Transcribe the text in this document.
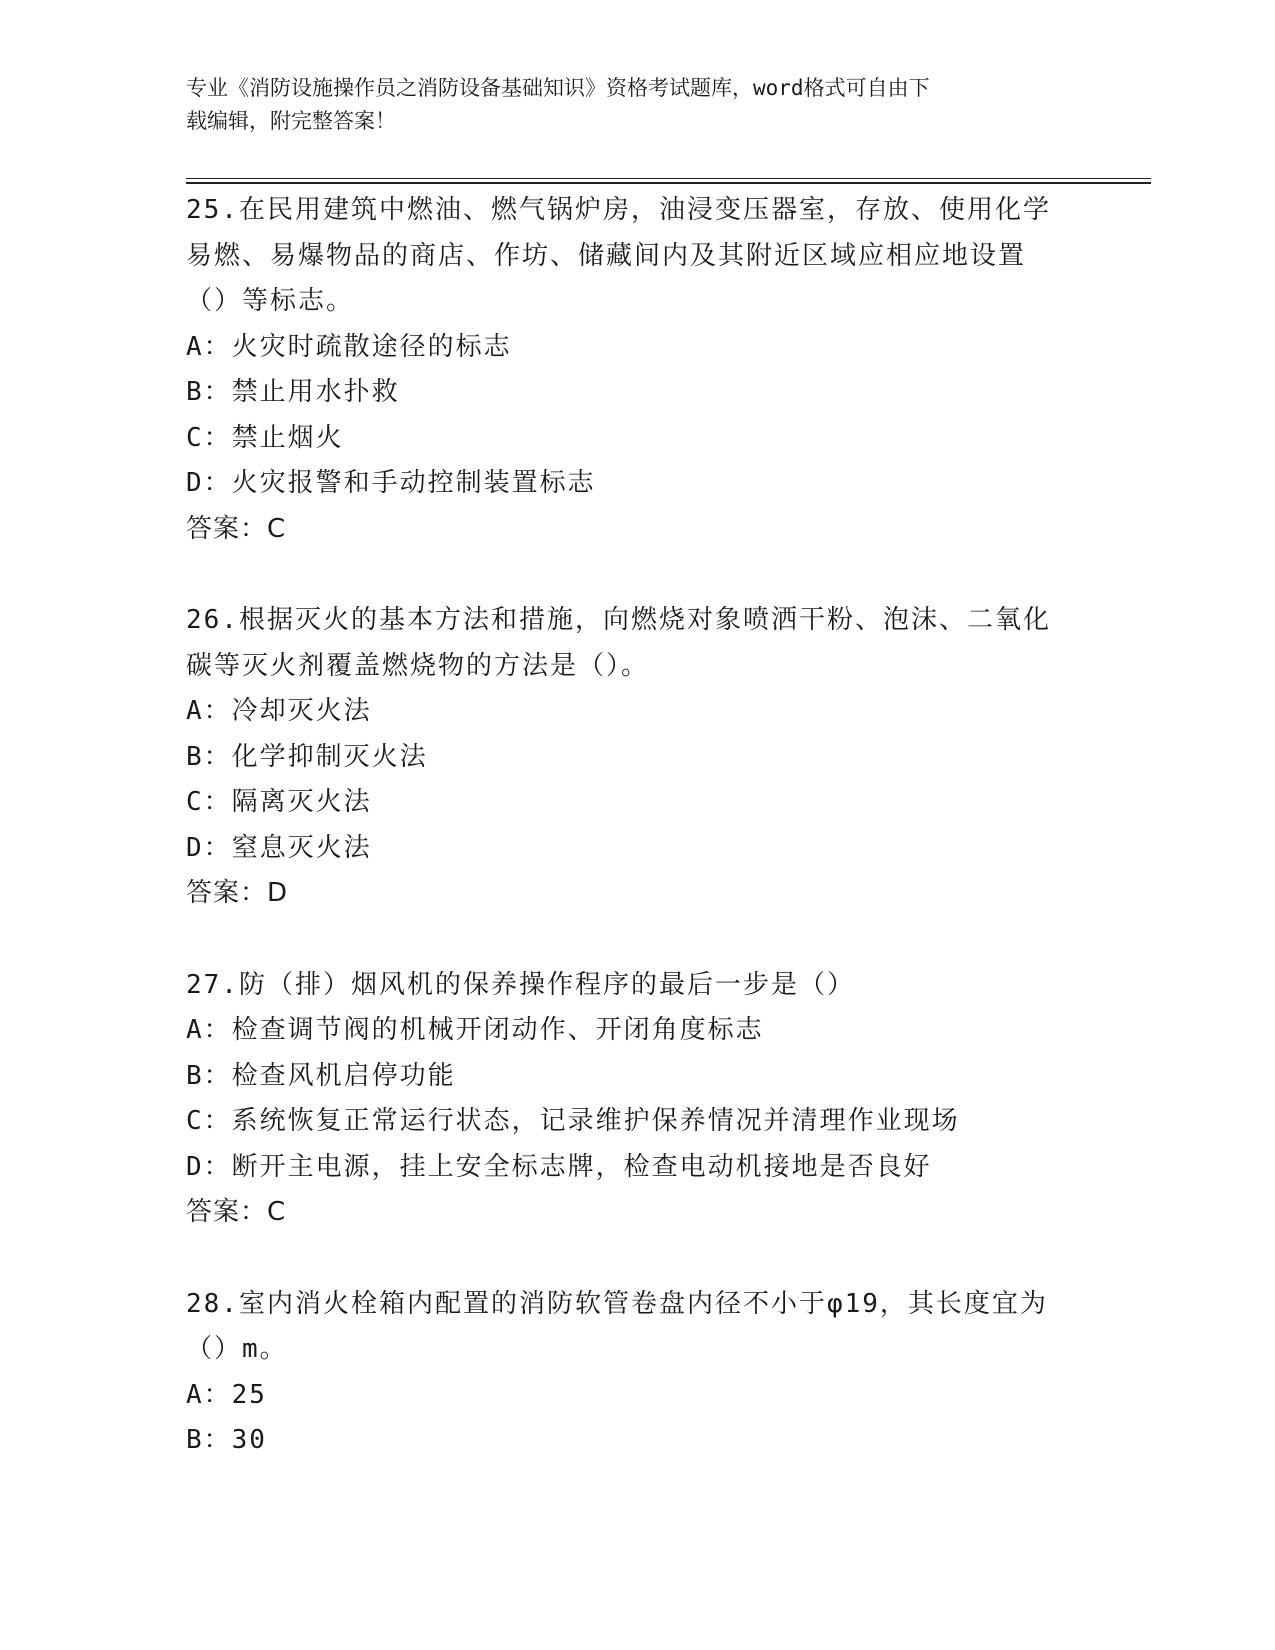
专业《消防设施操作员之消防设备基础知识》资格考试题库，word格式可自由下
载编辑，附完整答案！

25.在民用建筑中燃油、燃气锅炉房，油浸变压器室，存放、使用化学

易燃、易爆物品的商店、作坊、储藏间内及其附近区域应相应地设置

（）等标志。

A：火灾时疏散途径的标志

B：禁止用水扑救

C：禁止烟火

D：火灾报警和手动控制装置标志

答案：C

26.根据灭火的基本方法和措施，向燃烧对象喷洒干粉、泡沫、二氧化

碳等灭火剂覆盖燃烧物的方法是（）。

A：冷却灭火法

B：化学抑制灭火法

C：隔离灭火法

D：窒息灭火法

答案：D

27.防（排）烟风机的保养操作程序的最后一步是（）

A：检查调节阀的机械开闭动作、开闭角度标志

B：检查风机启停功能

C：系统恢复正常运行状态，记录维护保养情况并清理作业现场

D：断开主电源，挂上安全标志牌，检查电动机接地是否良好

答案：C

28.室内消火栓箱内配置的消防软管卷盘内径不小于φ19，其长度宜为

（）m。

A：25

B：30
